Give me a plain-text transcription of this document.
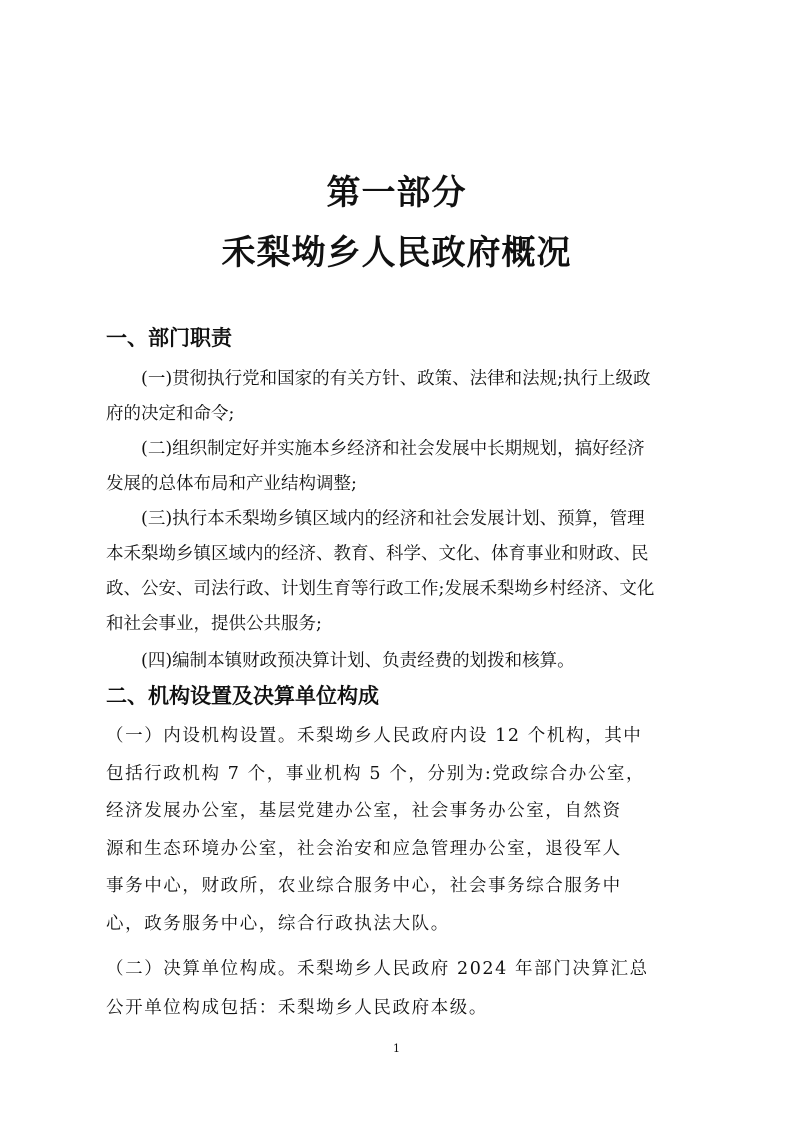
第一部分
禾梨坳乡人民政府概况
一、部门职责
　　(一)贯彻执行党和国家的有关方针、政策、法律和法规;执行上级政
府的决定和命令;
　　(二)组织制定好并实施本乡经济和社会发展中长期规划，搞好经济
发展的总体布局和产业结构调整;
　　(三)执行本禾梨坳乡镇区域内的经济和社会发展计划、预算，管理
本禾梨坳乡镇区域内的经济、教育、科学、文化、体育事业和财政、民
政、公安、司法行政、计划生育等行政工作;发展禾梨坳乡村经济、文化
和社会事业，提供公共服务;
　　(四)编制本镇财政预决算计划、负责经费的划拨和核算。
二、机构设置及决算单位构成
（一）内设机构设置。禾梨坳乡人民政府内设 12 个机构，其中
包括行政机构 7 个，事业机构 5 个，分别为:党政综合办公室，
经济发展办公室，基层党建办公室，社会事务办公室，自然资
源和生态环境办公室，社会治安和应急管理办公室，退役军人
事务中心，财政所，农业综合服务中心，社会事务综合服务中
心，政务服务中心，综合行政执法大队。
（二）决算单位构成。禾梨坳乡人民政府 2024 年部门决算汇总
公开单位构成包括：禾梨坳乡人民政府本级。
1
